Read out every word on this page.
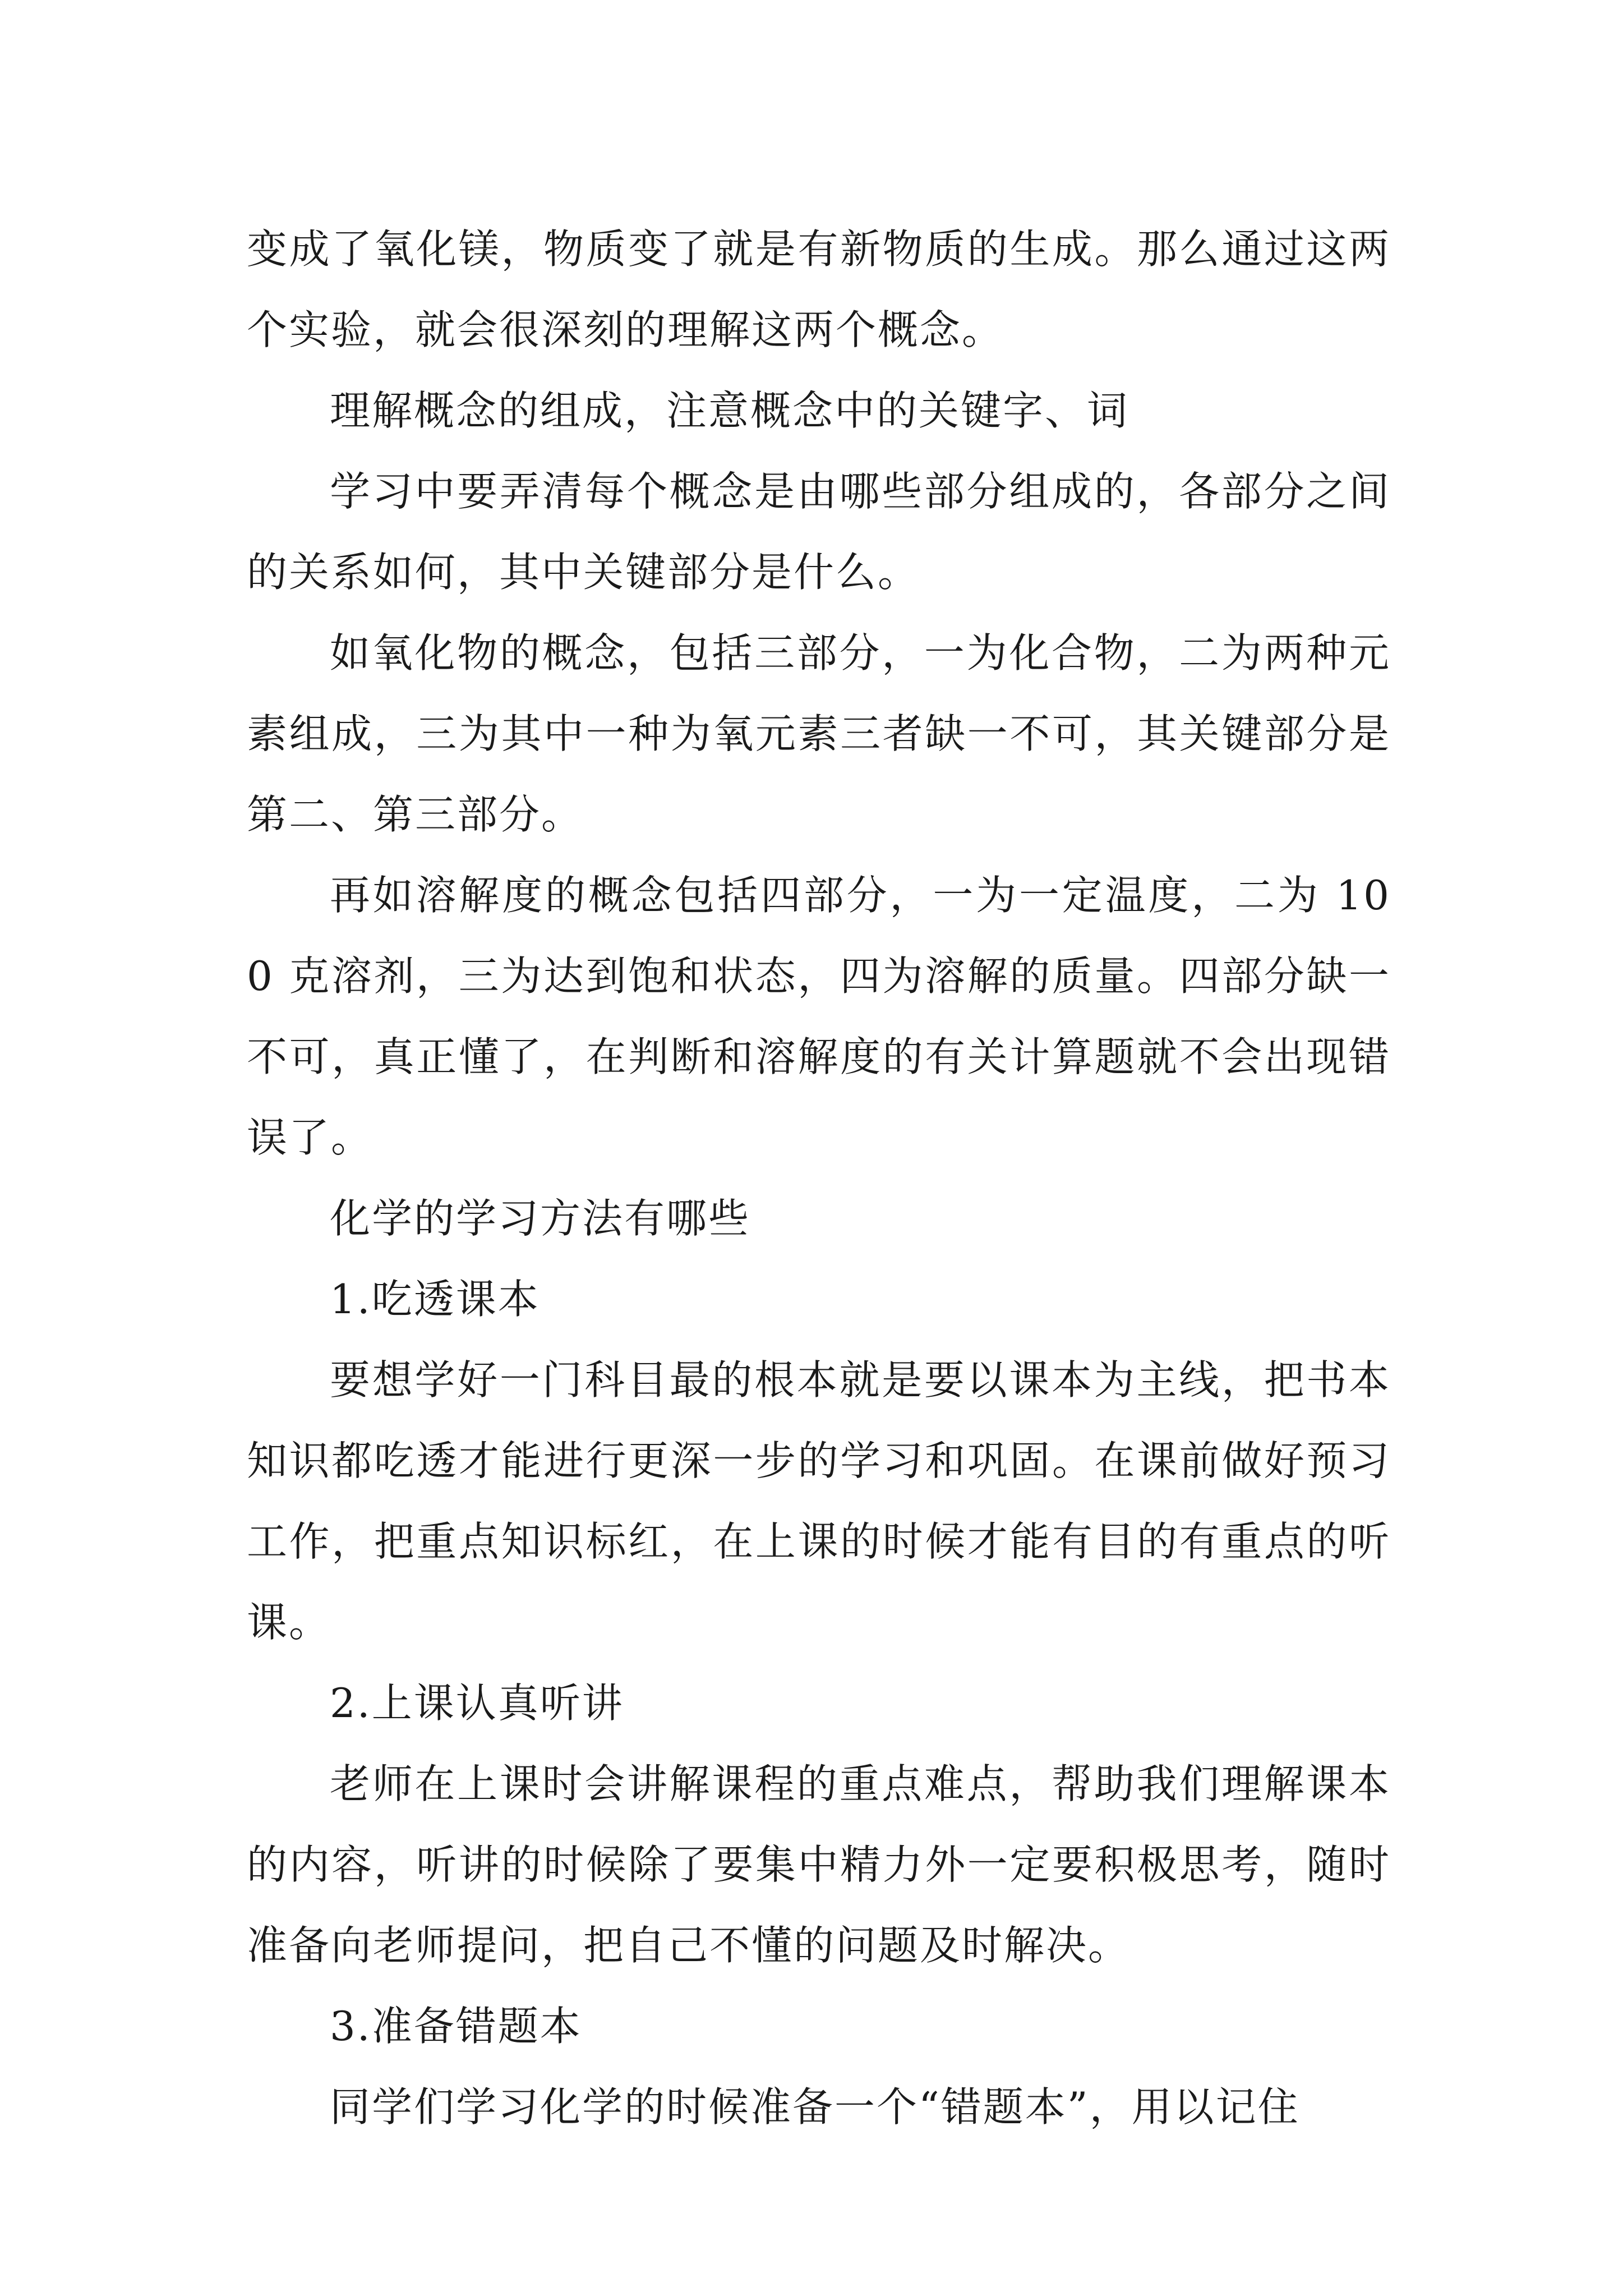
变成了氧化镁，物质变了就是有新物质的生成。那么通过这两个实验，就会很深刻的理解这两个概念。

理解概念的组成，注意概念中的关键字、词

学习中要弄清每个概念是由哪些部分组成的，各部分之间的关系如何，其中关键部分是什么。

如氧化物的概念，包括三部分，一为化合物，二为两种元素组成，三为其中一种为氧元素三者缺一不可，其关键部分是第二、第三部分。

再如溶解度的概念包括四部分，一为一定温度，二为 100 克溶剂，三为达到饱和状态，四为溶解的质量。四部分缺一不可，真正懂了，在判断和溶解度的有关计算题就不会出现错误了。

化学的学习方法有哪些

1.吃透课本

要想学好一门科目最的根本就是要以课本为主线，把书本知识都吃透才能进行更深一步的学习和巩固。在课前做好预习工作，把重点知识标红，在上课的时候才能有目的有重点的听课。

2.上课认真听讲

老师在上课时会讲解课程的重点难点，帮助我们理解课本的内容，听讲的时候除了要集中精力外一定要积极思考，随时准备向老师提问，把自己不懂的问题及时解决。

3.准备错题本

同学们学习化学的时候准备一个“错题本”，用以记住
